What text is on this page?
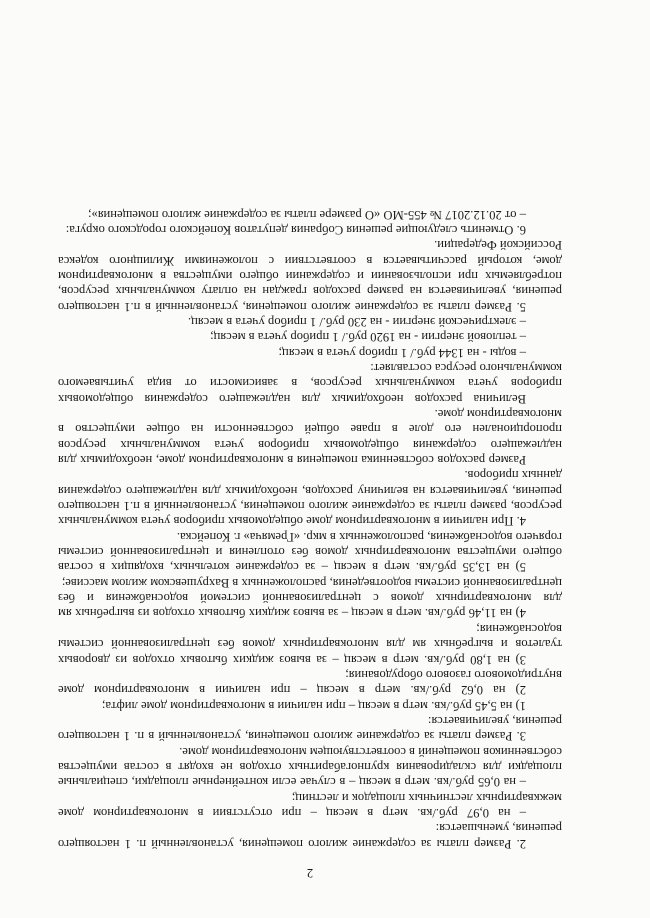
2

2. Размер платы за содержание жилого помещения, установленный п. 1 настоящего решения, уменьшается:

– на 0,97 руб./кв. метр в месяц – при отсутствии в многоквартирном доме межквартирных лестничных площадок и лестниц;

– на 0,65 руб./кв. метр в месяц – в случае если контейнерные площадки, специальные площадки для складирования крупногабаритных отходов не входят в состав имущества собственников помещений в соответствующем многоквартирном доме.

3. Размер платы за содержание жилого помещения, установленный в п. 1 настоящего решения, увеличивается:

1) на 5,45 руб./кв. метр в месяц – при наличии в многоквартирном доме лифта;

2) на 0,62 руб./кв. метр в месяц – при наличии в многоквартирном доме внутридомового газового оборудования;

3) на 1,80 руб./кв. метр в месяц – за вывоз жидких бытовых отходов из дворовых туалетов и выгребных ям для многоквартирных домов без централизованной системы водоснабжения;

4) на 11,46 руб./кв. метр в месяц – за вывоз жидких бытовых отходов из выгребных ям для многоквартирных домов с централизованной системой водоснабжения и без централизованной системы водоотведения, расположенных в Вахрушевском жилом массиве;

5) на 13,35 руб./кв. метр в месяц – за содержание котельных, входящих в состав общего имущества многоквартирных домов без отопления и централизованной системы горячего водоснабжения, расположенных в мкр. «Гремяча» г. Копейска.

4. При наличии в многоквартирном доме общедомовых приборов учета коммунальных ресурсов, размер платы за содержание жилого помещения, установленный в п.1 настоящего решения, увеличивается на величину расходов, необходимых для надлежащего содержания данных приборов.

Размер расходов собственника помещения в многоквартирном доме, необходимых для надлежащего содержания общедомовых приборов учета коммунальных ресурсов пропорционален его доле в праве общей собственности на общее имущество в многоквартирном доме.

Величина расходов необходимых для надлежащего содержания общедомовых приборов учета коммунальных ресурсов, в зависимости от вида учитываемого коммунального ресурса составляет:

– воды - на 1344 руб./ 1 прибор учета в месяц;

– тепловой энергии - на 1920 руб./ 1 прибор учета в месяц;

– электрической энергии - на 230 руб./ 1 прибор учета в месяц.

5. Размер платы за содержание жилого помещения, установленный в п.1 настоящего решения, увеличивается на размер расходов граждан на оплату коммунальных ресурсов, потребляемых при использовании и содержании общего имущества в многоквартирном доме, который рассчитывается в соответствии с положениями Жилищного кодекса Российской Федерации.

6. Отменить следующие решения Собрания депутатов Копейского городского округа:

– от 20.12.2017 № 455-МО «О размере платы за содержание жилого помещения»;
